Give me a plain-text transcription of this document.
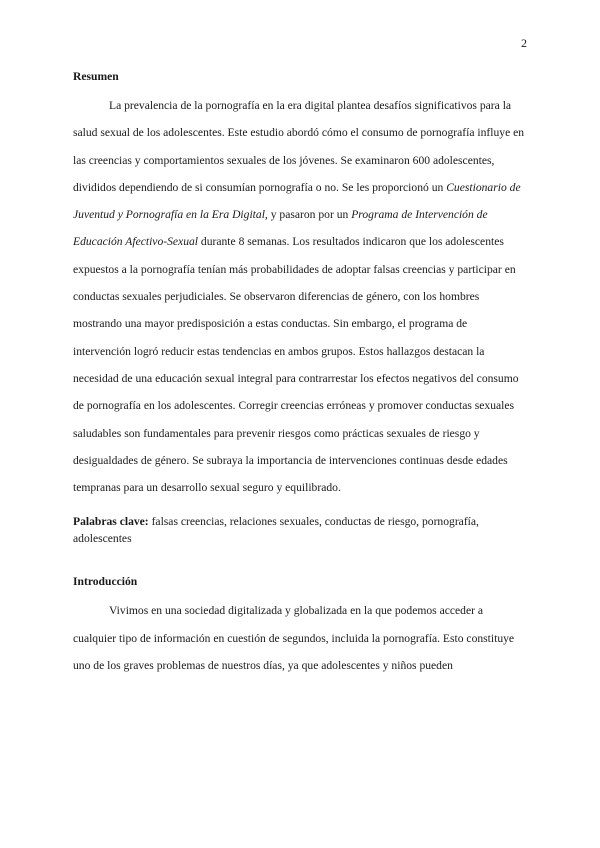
2
Resumen

La prevalencia de la pornografía en la era digital plantea desafíos significativos para la salud sexual de los adolescentes. Este estudio abordó cómo el consumo de pornografía influye en las creencias y comportamientos sexuales de los jóvenes. Se examinaron 600 adolescentes, divididos dependiendo de si consumían pornografía o no. Se les proporcionó un Cuestionario de Juventud y Pornografía en la Era Digital, y pasaron por un Programa de Intervención de Educación Afectivo-Sexual durante 8 semanas. Los resultados indicaron que los adolescentes expuestos a la pornografía tenían más probabilidades de adoptar falsas creencias y participar en conductas sexuales perjudiciales. Se observaron diferencias de género, con los hombres mostrando una mayor predisposición a estas conductas. Sin embargo, el programa de intervención logró reducir estas tendencias en ambos grupos. Estos hallazgos destacan la necesidad de una educación sexual integral para contrarrestar los efectos negativos del consumo de pornografía en los adolescentes. Corregir creencias erróneas y promover conductas sexuales saludables son fundamentales para prevenir riesgos como prácticas sexuales de riesgo y desigualdades de género. Se subraya la importancia de intervenciones continuas desde edades tempranas para un desarrollo sexual seguro y equilibrado.

Palabras clave: falsas creencias, relaciones sexuales, conductas de riesgo, pornografía, adolescentes

Introducción

Vivimos en una sociedad digitalizada y globalizada en la que podemos acceder a cualquier tipo de información en cuestión de segundos, incluida la pornografía. Esto constituye uno de los graves problemas de nuestros días, ya que adolescentes y niños pueden
